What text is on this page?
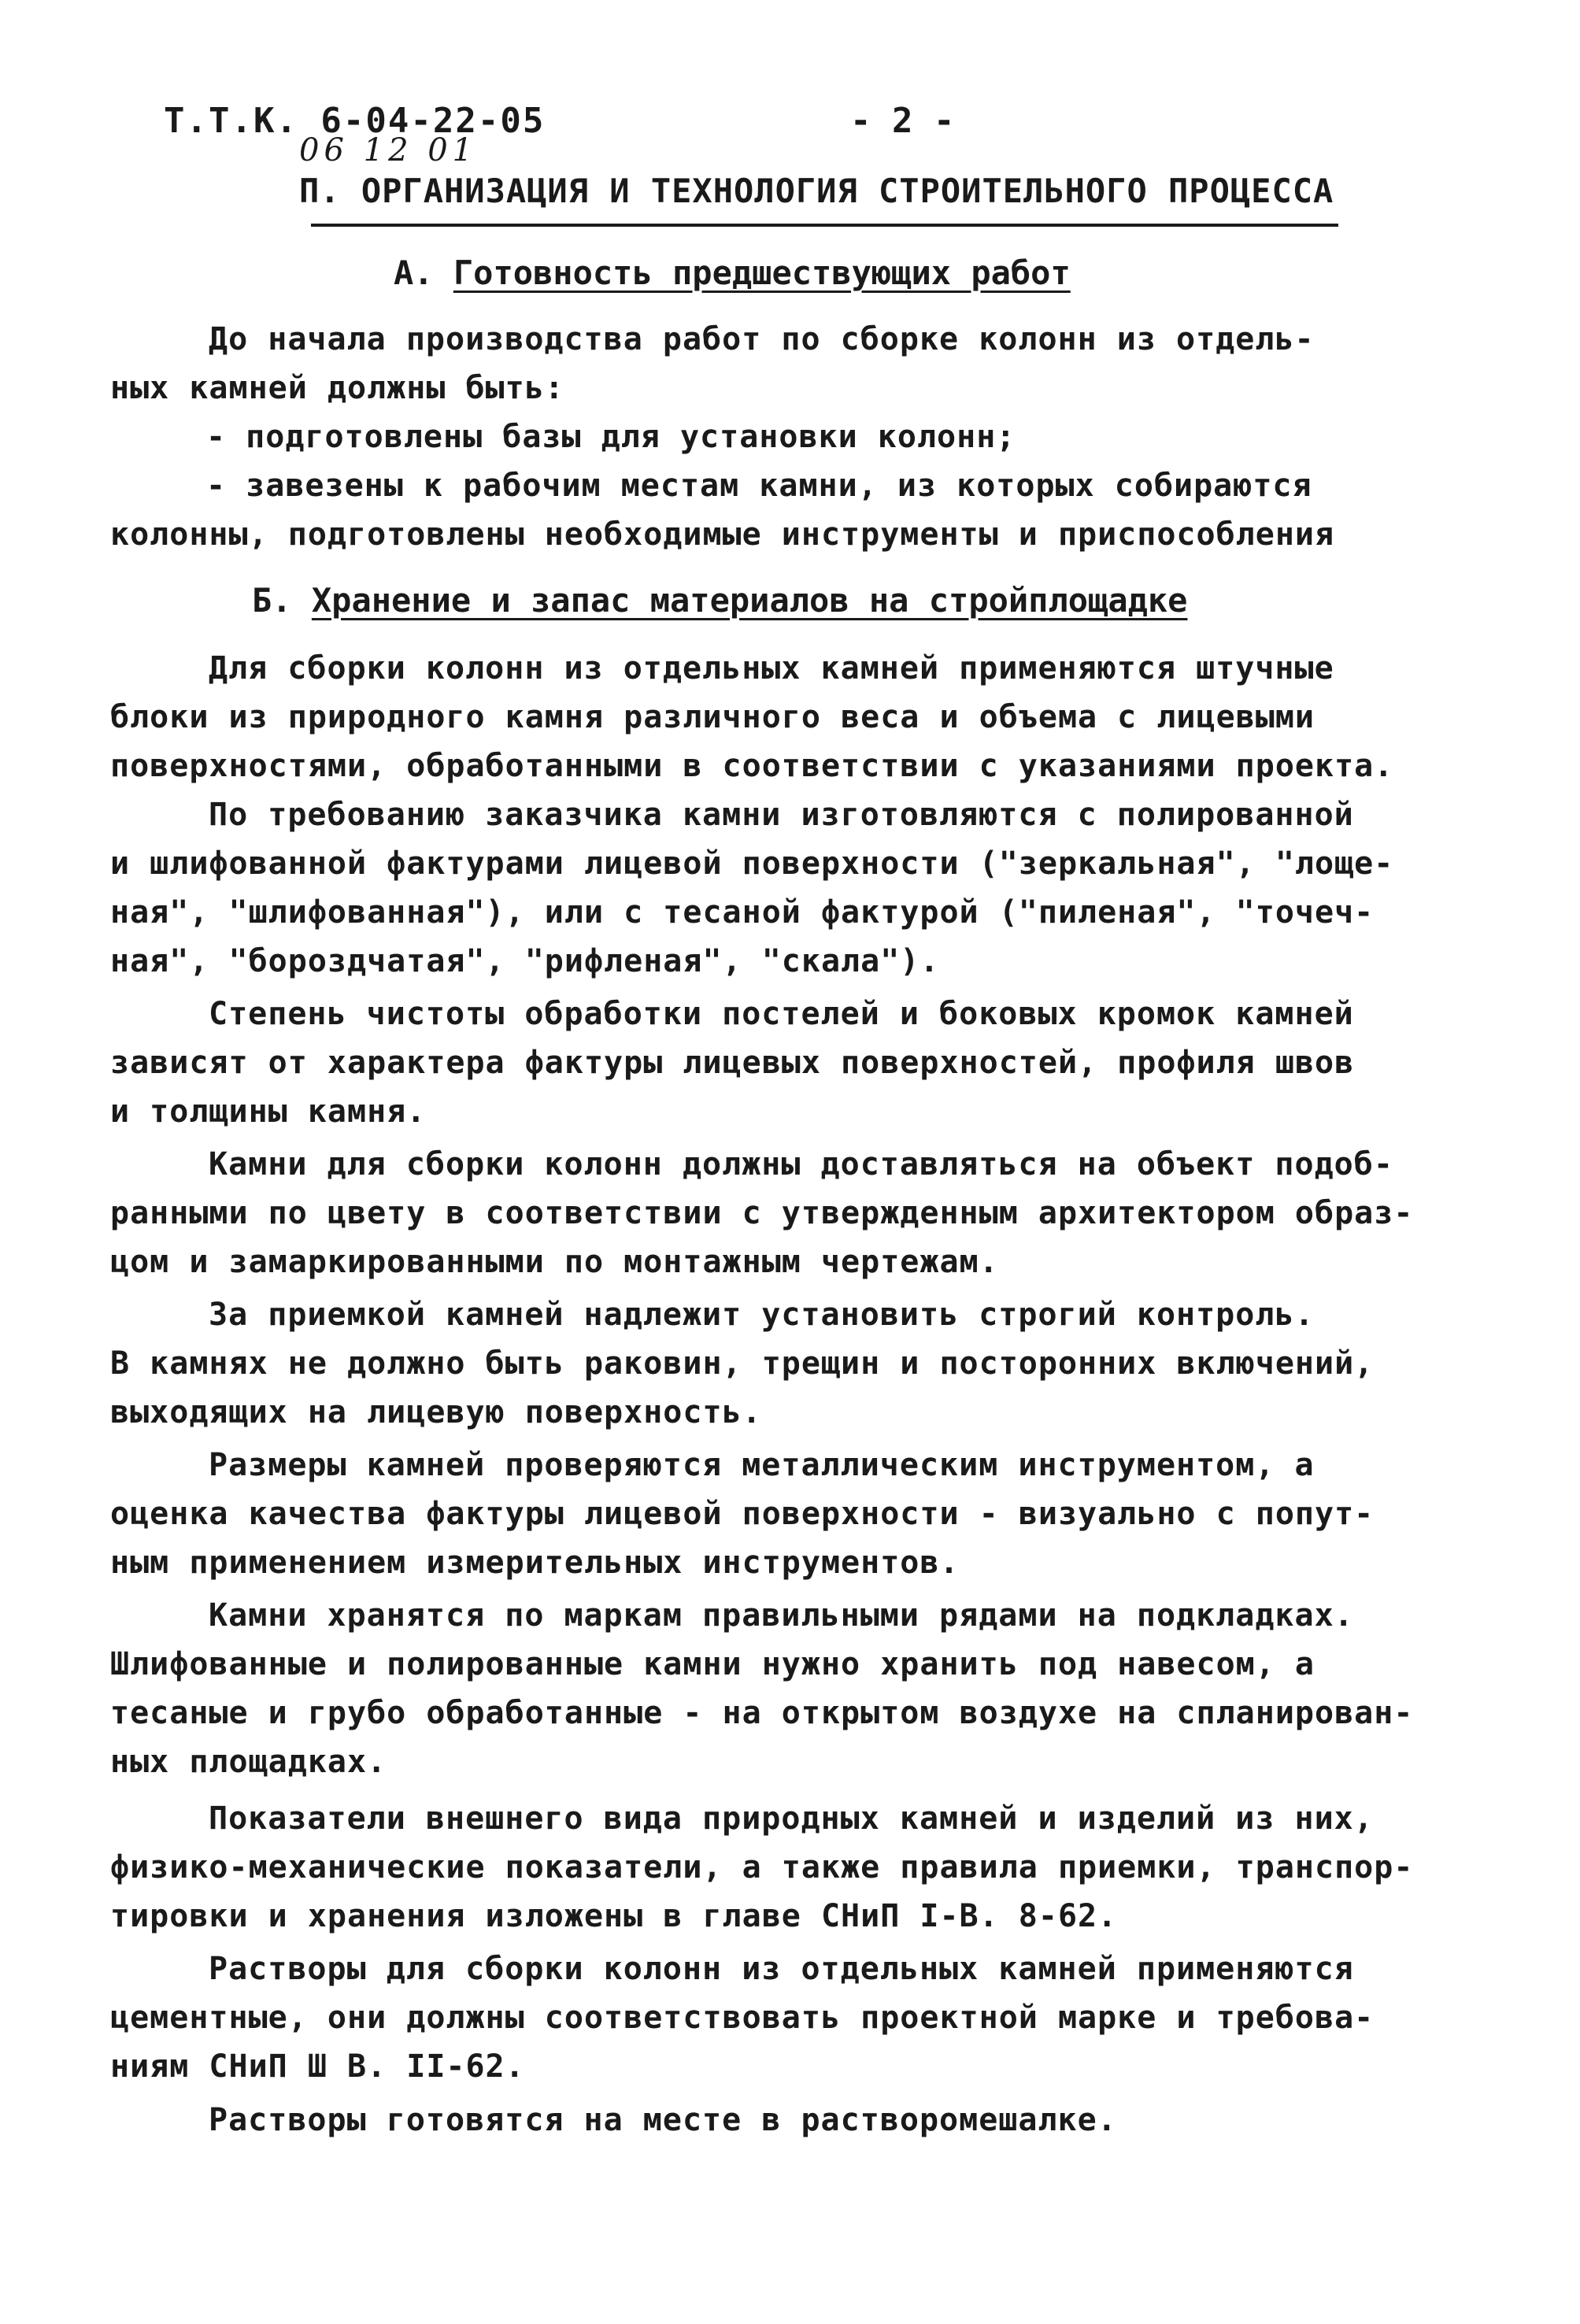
Т.Т.К. 6-04-22-05
06 12 01
- 2 -
П. ОРГАНИЗАЦИЯ И ТЕХНОЛОГИЯ СТРОИТЕЛЬНОГО ПРОЦЕССА
А. Готовность предшествующих работ
До начала производства работ по сборке колонн из отдель-
ных камней должны быть:
- подготовлены базы для установки колонн;
- завезены к рабочим местам камни, из которых собираются
колонны, подготовлены необходимые инструменты и приспособления
Б. Хранение и запас материалов на стройплощадке
Для сборки колонн из отдельных камней применяются штучные
блоки из природного камня различного веса и объема с лицевыми
поверхностями, обработанными в соответствии с указаниями проекта.
По требованию заказчика камни изготовляются с полированной
и шлифованной фактурами лицевой поверхности ("зеркальная", "лоще-
ная", "шлифованная"), или с тесаной фактурой ("пиленая", "точеч-
ная", "бороздчатая", "рифленая", "скала").
Степень чистоты обработки постелей и боковых кромок камней
зависят от характера фактуры лицевых поверхностей, профиля швов
и толщины камня.
Камни для сборки колонн должны доставляться на объект подоб-
ранными по цвету в соответствии с утвержденным архитектором образ-
цом и замаркированными по монтажным чертежам.
За приемкой камней надлежит установить строгий контроль.
В камнях не должно быть раковин, трещин и посторонних включений,
выходящих на лицевую поверхность.
Размеры камней проверяются металлическим инструментом, а
оценка качества фактуры лицевой поверхности - визуально с попут-
ным применением измерительных инструментов.
Камни хранятся по маркам правильными рядами на подкладках.
Шлифованные и полированные камни нужно хранить под навесом, а
тесаные и грубо обработанные - на открытом воздухе на спланирован-
ных площадках.
Показатели внешнего вида природных камней и изделий из них,
физико-механические показатели, а также правила приемки, транспор-
тировки и хранения изложены в главе СНиП I-В. 8-62.
Растворы для сборки колонн из отдельных камней применяются
цементные, они должны соответствовать проектной марке и требова-
ниям СНиП Ш В. II-62.
Растворы готовятся на месте в растворомешалке.
